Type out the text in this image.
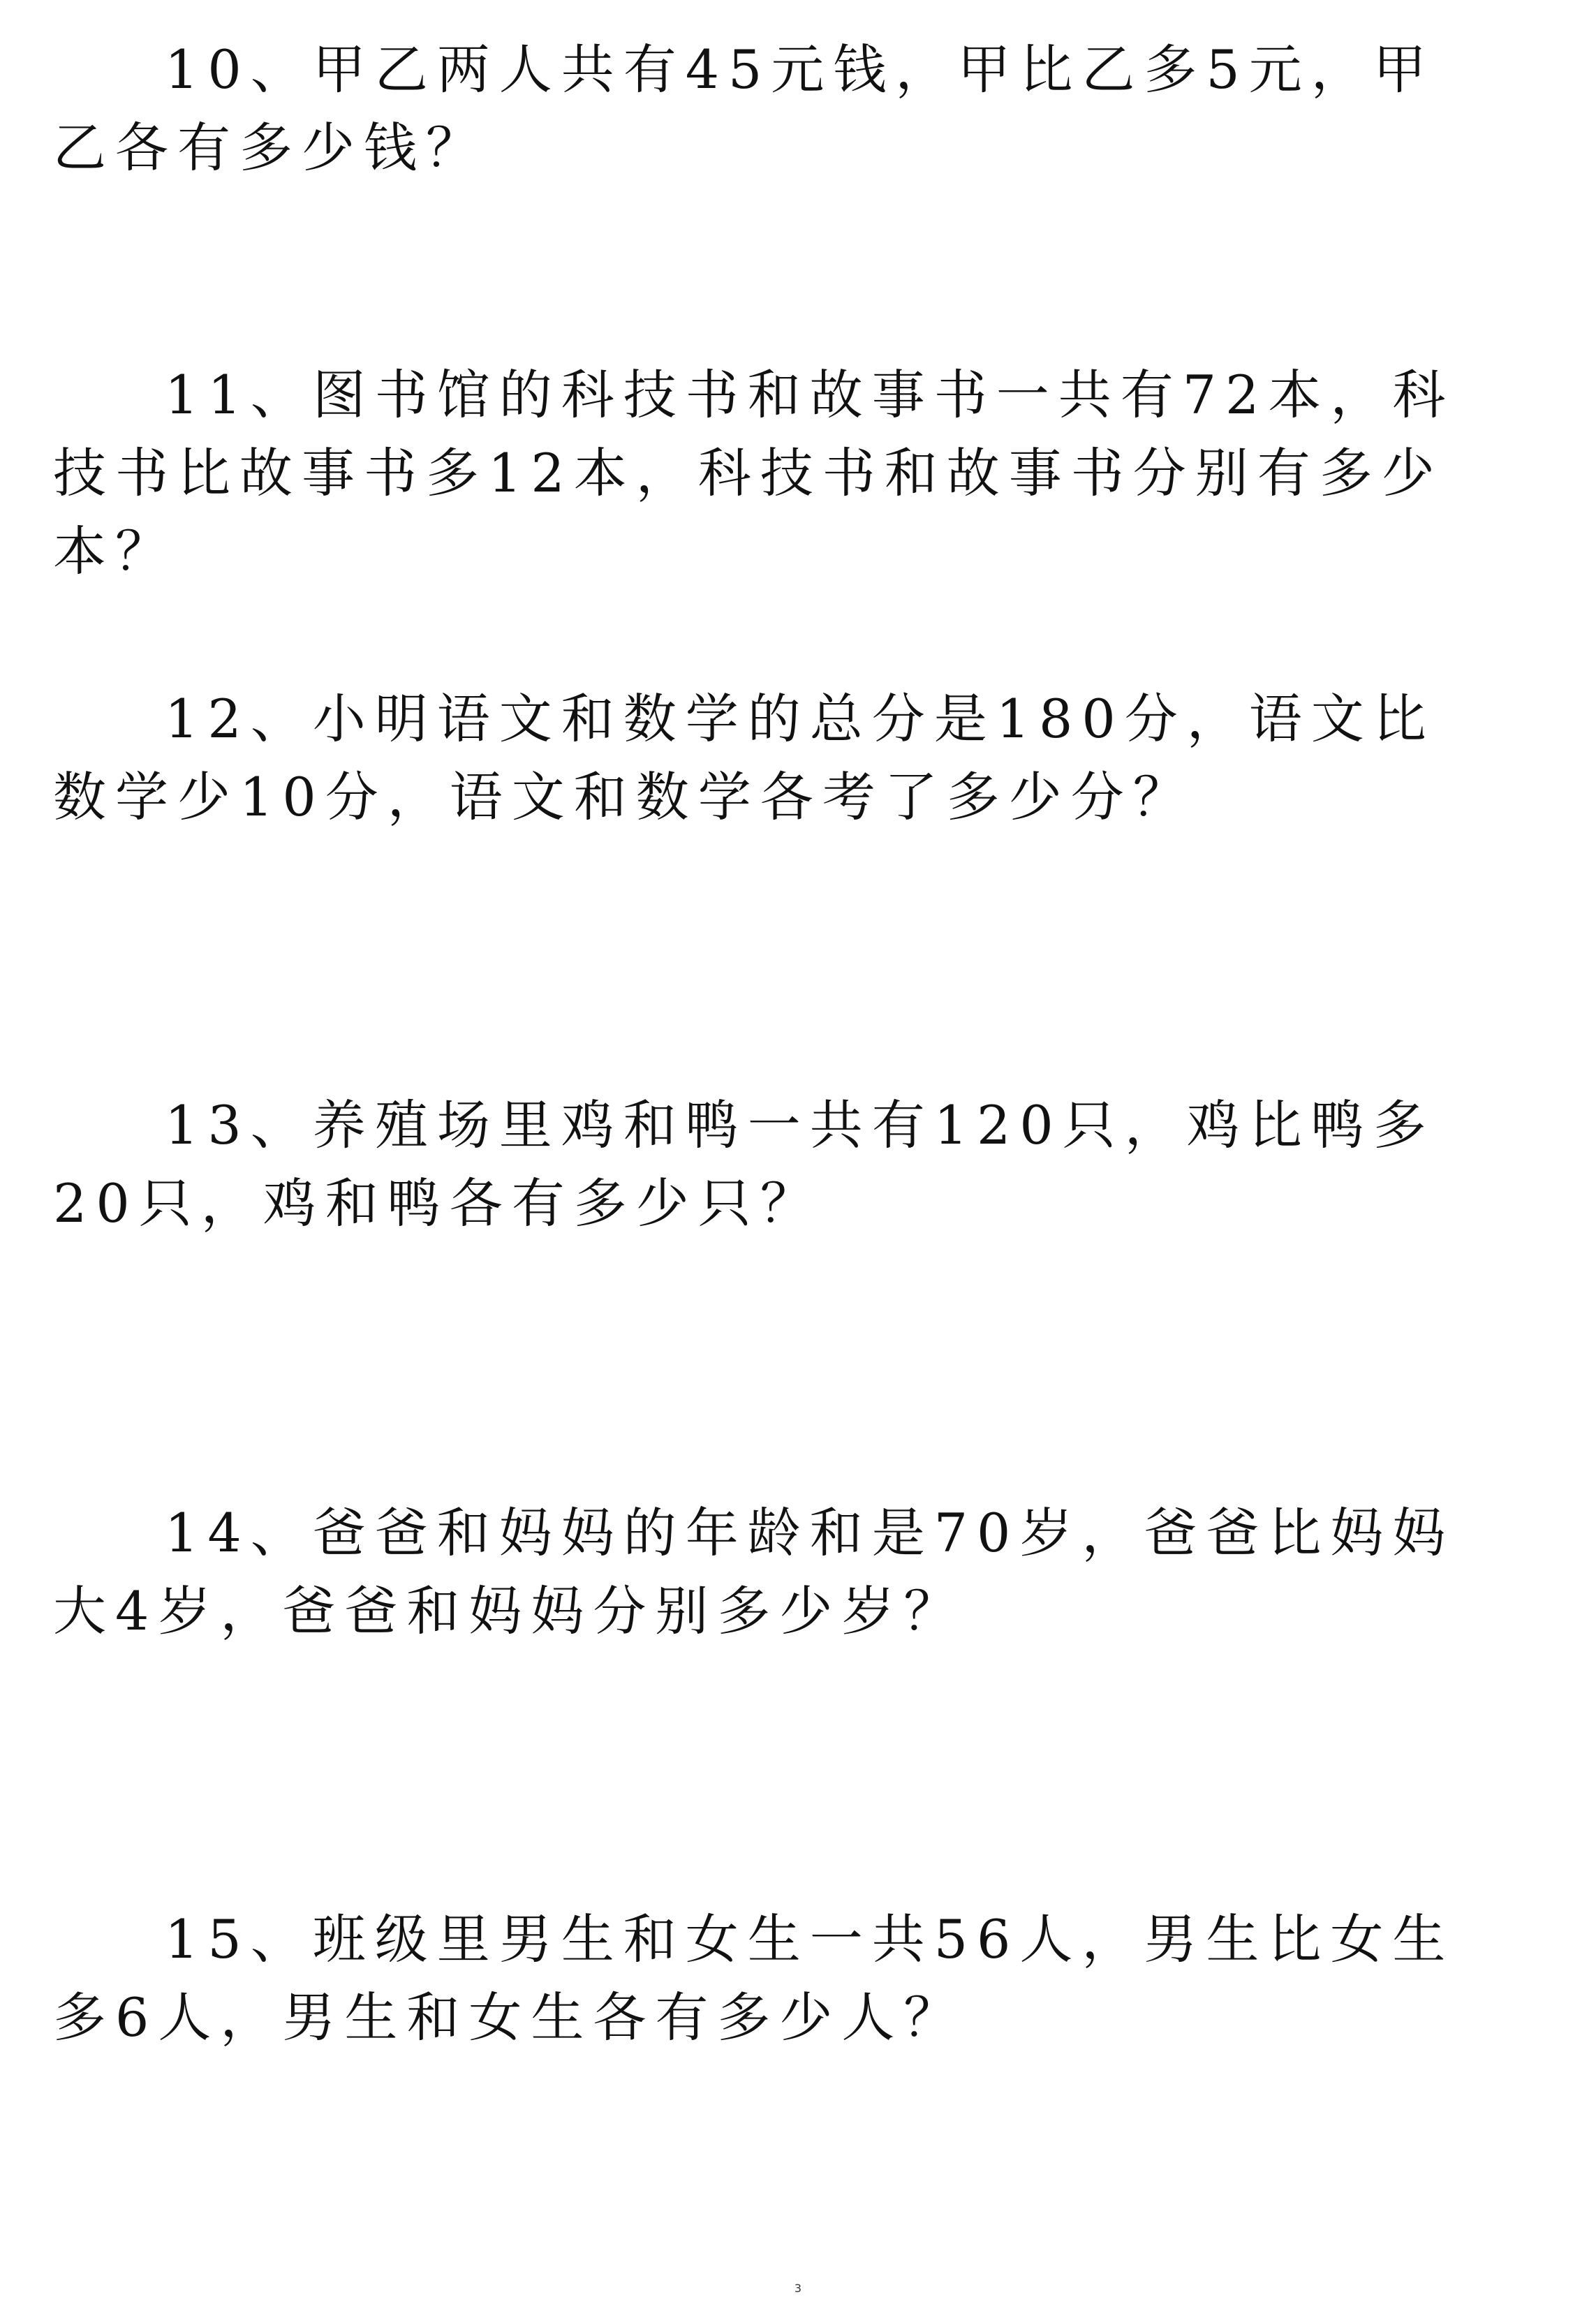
10、甲乙两人共有45元钱，甲比乙多5元，甲乙各有多少钱？

11、图书馆的科技书和故事书一共有72本，科技书比故事书多12本，科技书和故事书分别有多少本？

12、小明语文和数学的总分是180分，语文比数学少10分，语文和数学各考了多少分？

13、养殖场里鸡和鸭一共有120只，鸡比鸭多20只，鸡和鸭各有多少只？

14、爸爸和妈妈的年龄和是70岁，爸爸比妈妈大4岁，爸爸和妈妈分别多少岁？

15、班级里男生和女生一共56人，男生比女生多6人，男生和女生各有多少人？

3
